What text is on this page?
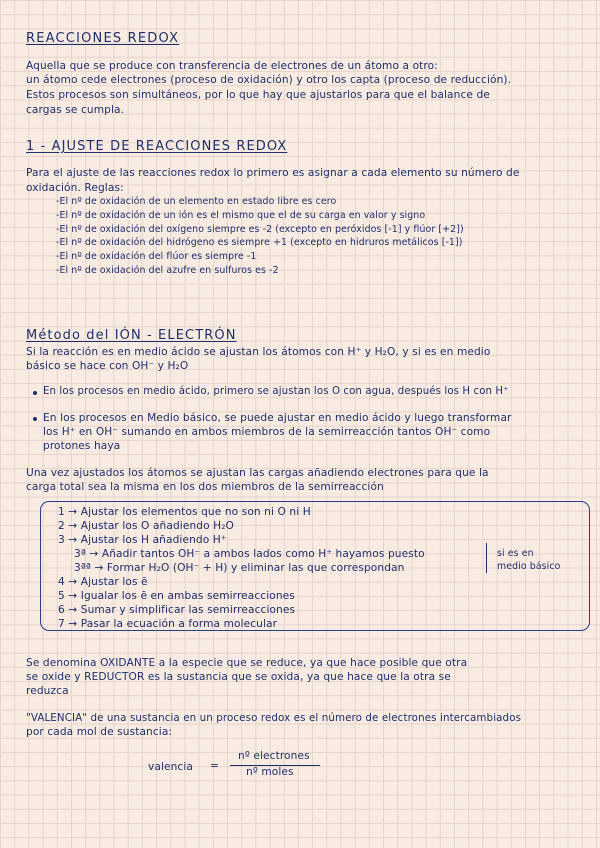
REACCIONES REDOX
Aquella que se produce con transferencia de electrones de un átomo a otro:
un átomo cede electrones (proceso de oxidación) y otro los capta (proceso de reducción).
Estos procesos son simultáneos, por lo que hay que ajustarlos para que el balance de
cargas se cumpla.
1 - AJUSTE DE REACCIONES REDOX
Para el ajuste de las reacciones redox lo primero es asignar a cada elemento su número de
oxidación. Reglas:
-El nº de oxidación de un elemento en estado libre es cero
-El nº de oxidación de un ión es el mismo que el de su carga en valor y signo
-El nº de oxidación del oxígeno siempre es -2 (excepto en peróxidos [-1] y flúor [+2])
-El nº de oxidación del hidrógeno es siempre +1 (excepto en hidruros metálicos [-1])
-El nº de oxidación del flúor es siempre -1
-El nº de oxidación del azufre en sulfuros es -2
Método del IÓN - ELECTRÓN
Si la reacción es en medio ácido se ajustan los átomos con H⁺ y H₂O, y si es en medio
básico se hace con OH⁻ y H₂O
En los procesos en medio ácido, primero se ajustan los O con agua, después los H con H⁺
En los procesos en Medio básico, se puede ajustar en medio ácido y luego transformar
los H⁺ en OH⁻ sumando en ambos miembros de la semirreacción tantos OH⁻ como
protones haya
Una vez ajustados los átomos se ajustan las cargas añadiendo electrones para que la
carga total sea la misma en los dos miembros de la semirreacción
1 → Ajustar los elementos que no son ni O ni H
2 → Ajustar los O añadiendo H₂O
3 → Ajustar los H añadiendo H⁺
3ª → Añadir tantos OH⁻ a ambos lados como H⁺ hayamos puesto
3ªª → Formar H₂O (OH⁻ + H) y eliminar las que correspondan
4 → Ajustar los ē
5 → Igualar los ē en ambas semirreacciones
6 → Sumar y simplificar las semirreacciones
7 → Pasar la ecuación a forma molecular
si es en
medio básico
Se denomina OXIDANTE a la especie que se reduce, ya que hace posible que otra
se oxide y REDUCTOR es la sustancia que se oxida, ya que hace que la otra se
reduzca
"VALENCIA" de una sustancia en un proceso redox es el número de electrones intercambiados
por cada mol de sustancia:
valencia =
nº electrones
nº moles
